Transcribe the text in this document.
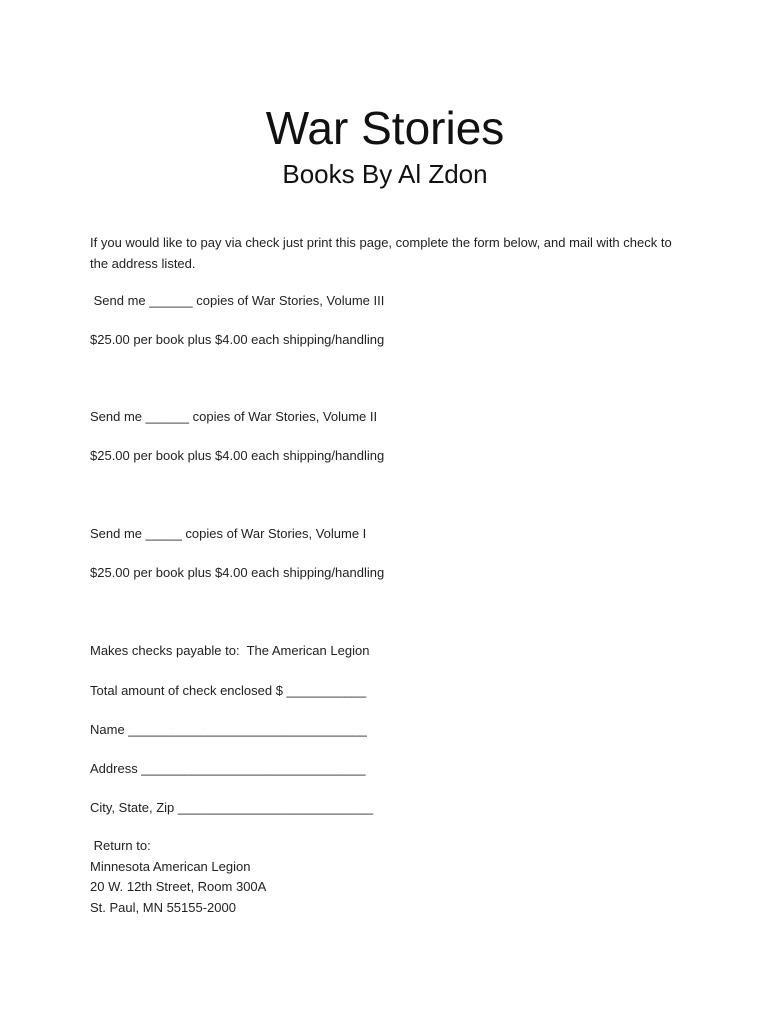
War Stories
Books By Al Zdon
If you would like to pay via check just print this page, complete the form below, and mail with check to the address listed.
Send me ______ copies of War Stories, Volume III
$25.00 per book plus $4.00 each shipping/handling
Send me ______ copies of War Stories, Volume II
$25.00 per book plus $4.00 each shipping/handling
Send me _____ copies of War Stories, Volume I
$25.00 per book plus $4.00 each shipping/handling
Makes checks payable to:  The American Legion
Total amount of check enclosed $ ___________
Name _________________________________
Address _______________________________
City, State, Zip ___________________________
Return to:
Minnesota American Legion
20 W. 12th Street, Room 300A
St. Paul, MN 55155-2000
